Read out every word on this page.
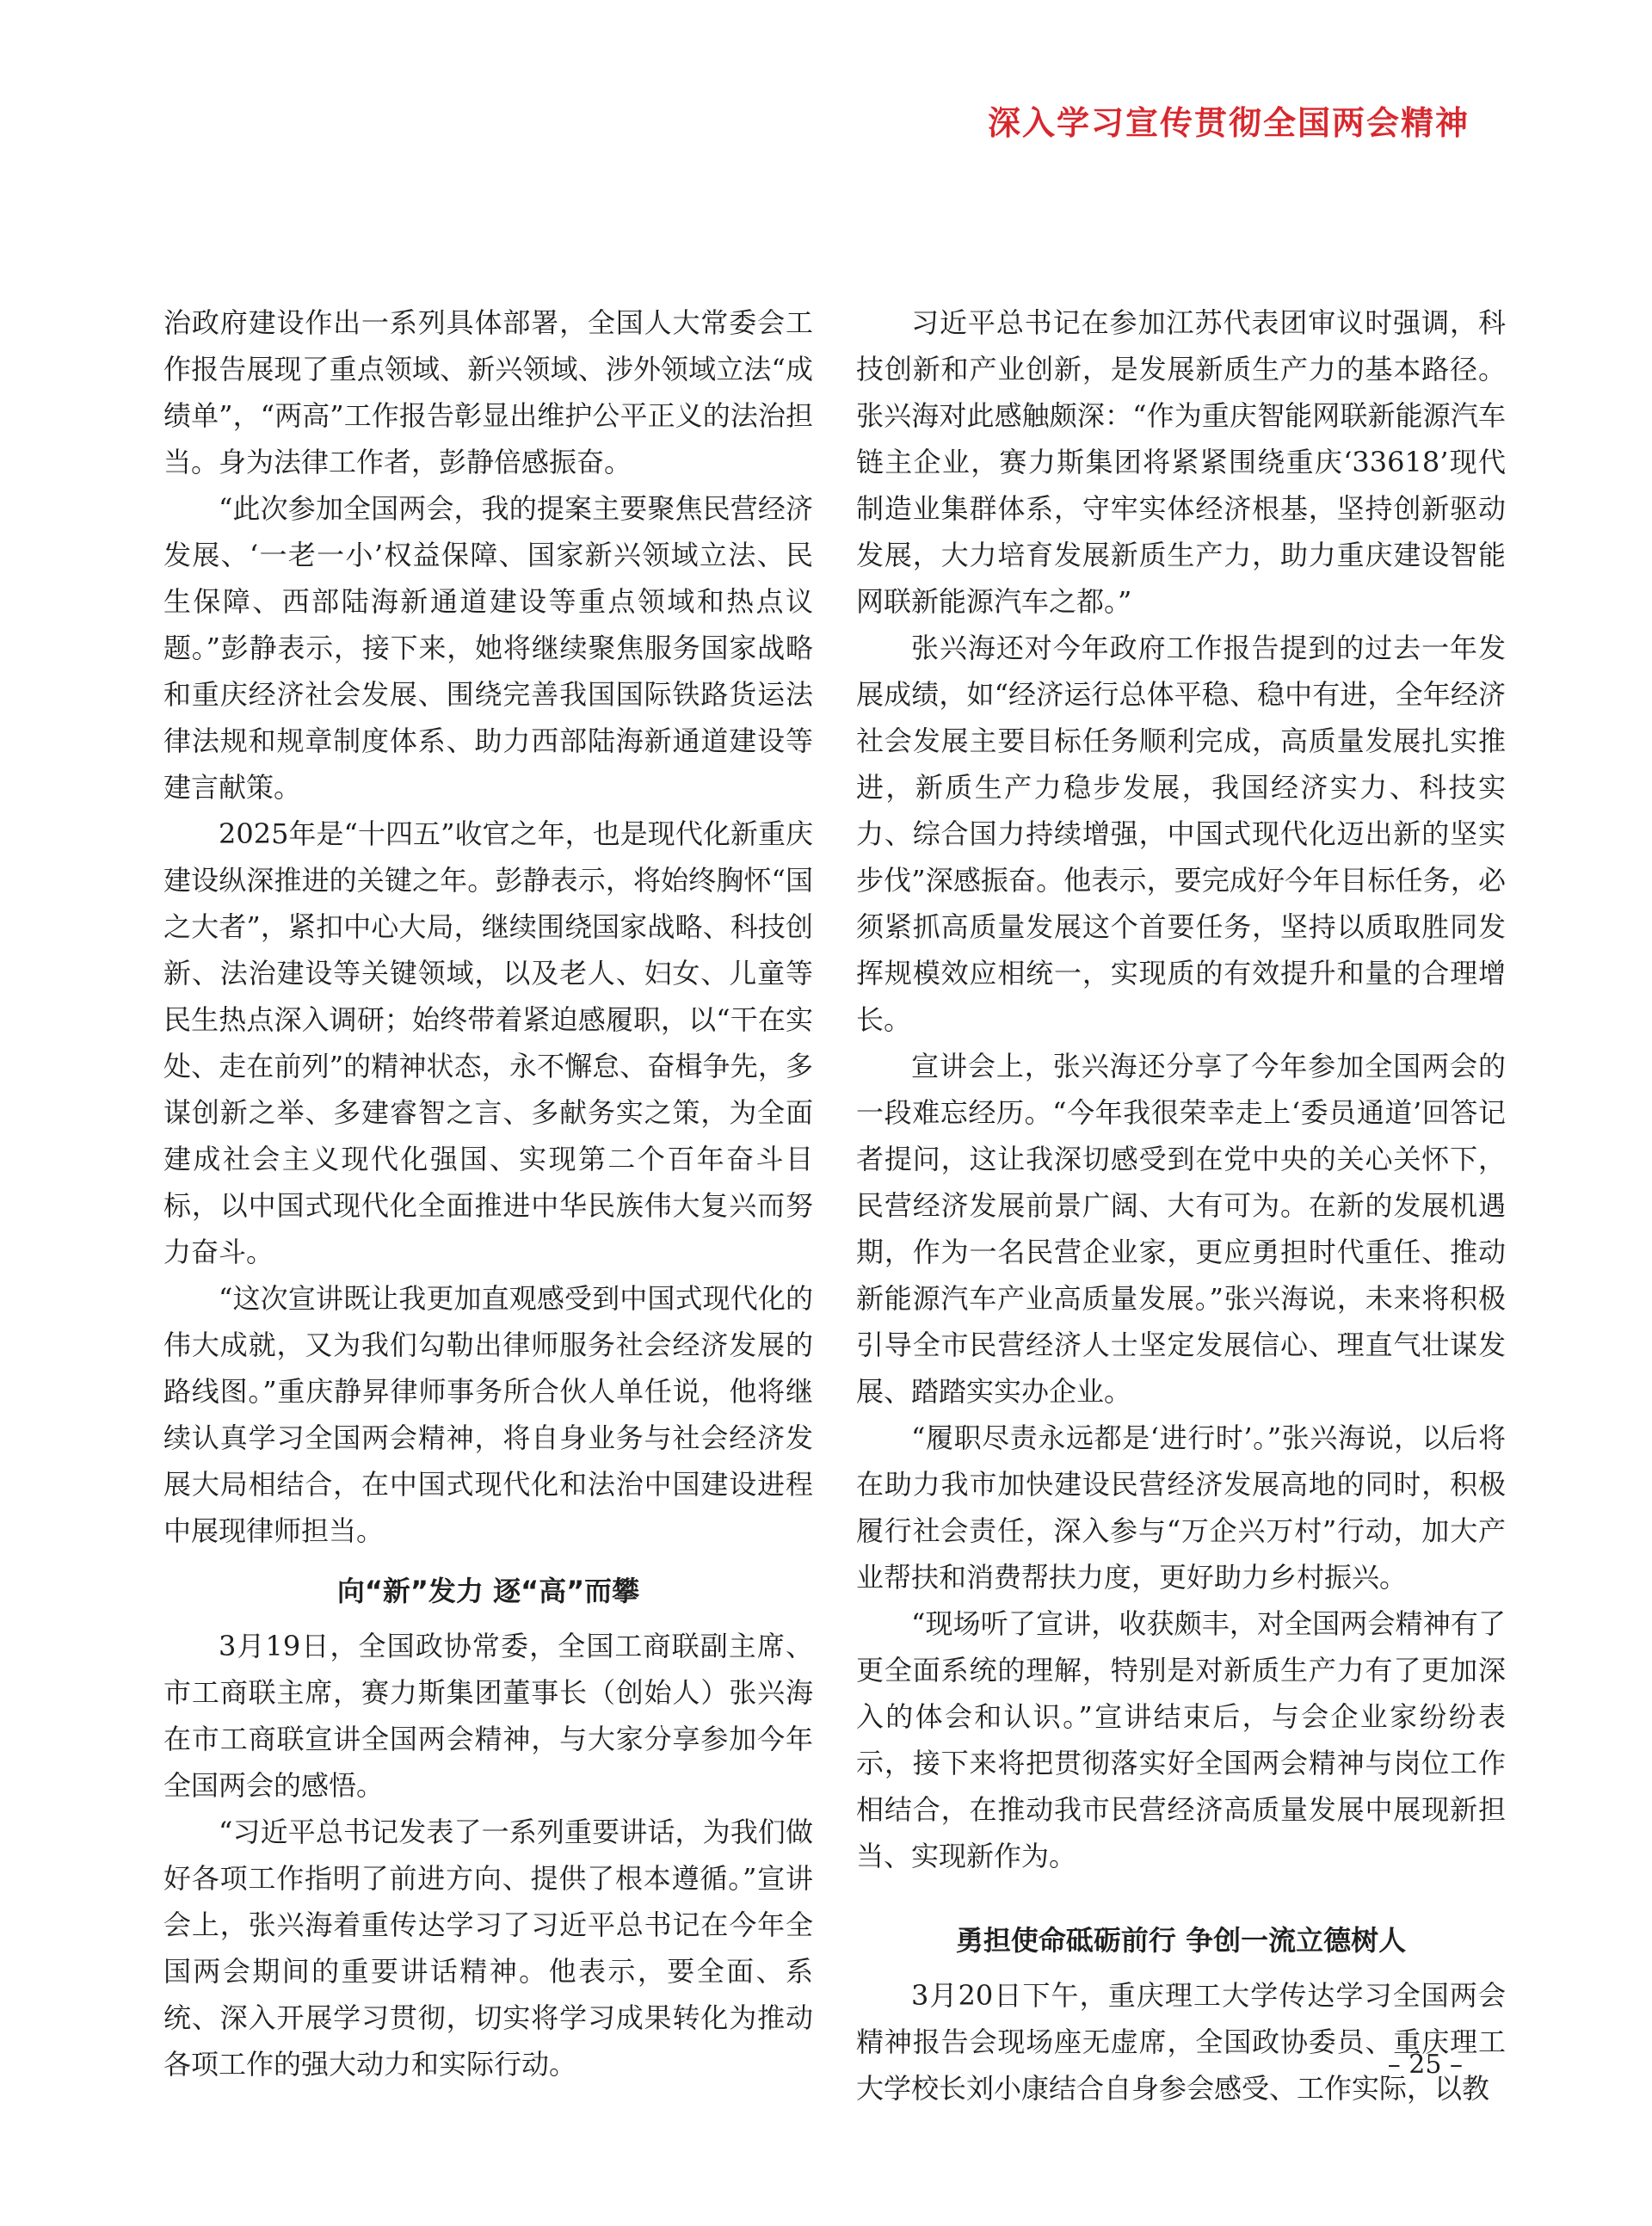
深入学习宣传贯彻全国两会精神

治政府建设作出一系列具体部署，全国人大常委会工作报告展现了重点领域、新兴领域、涉外领域立法“成绩单”，“两高”工作报告彰显出维护公平正义的法治担当。身为法律工作者，彭静倍感振奋。

“此次参加全国两会，我的提案主要聚焦民营经济发展、‘一老一小’权益保障、国家新兴领域立法、民生保障、西部陆海新通道建设等重点领域和热点议题。”彭静表示，接下来，她将继续聚焦服务国家战略和重庆经济社会发展、围绕完善我国国际铁路货运法律法规和规章制度体系、助力西部陆海新通道建设等建言献策。

2025年是“十四五”收官之年，也是现代化新重庆建设纵深推进的关键之年。彭静表示，将始终胸怀“国之大者”，紧扣中心大局，继续围绕国家战略、科技创新、法治建设等关键领域，以及老人、妇女、儿童等民生热点深入调研；始终带着紧迫感履职，以“干在实处、走在前列”的精神状态，永不懈怠、奋楫争先，多谋创新之举、多建睿智之言、多献务实之策，为全面建成社会主义现代化强国、实现第二个百年奋斗目标，以中国式现代化全面推进中华民族伟大复兴而努力奋斗。

“这次宣讲既让我更加直观感受到中国式现代化的伟大成就，又为我们勾勒出律师服务社会经济发展的路线图。”重庆静昇律师事务所合伙人单任说，他将继续认真学习全国两会精神，将自身业务与社会经济发展大局相结合，在中国式现代化和法治中国建设进程中展现律师担当。

向“新”发力 逐“高”而攀

3月19日，全国政协常委，全国工商联副主席、市工商联主席，赛力斯集团董事长（创始人）张兴海在市工商联宣讲全国两会精神，与大家分享参加今年全国两会的感悟。

“习近平总书记发表了一系列重要讲话，为我们做好各项工作指明了前进方向、提供了根本遵循。”宣讲会上，张兴海着重传达学习了习近平总书记在今年全国两会期间的重要讲话精神。他表示，要全面、系统、深入开展学习贯彻，切实将学习成果转化为推动各项工作的强大动力和实际行动。

习近平总书记在参加江苏代表团审议时强调，科技创新和产业创新，是发展新质生产力的基本路径。张兴海对此感触颇深：“作为重庆智能网联新能源汽车链主企业，赛力斯集团将紧紧围绕重庆‘33618’现代制造业集群体系，守牢实体经济根基，坚持创新驱动发展，大力培育发展新质生产力，助力重庆建设智能网联新能源汽车之都。”

张兴海还对今年政府工作报告提到的过去一年发展成绩，如“经济运行总体平稳、稳中有进，全年经济社会发展主要目标任务顺利完成，高质量发展扎实推进，新质生产力稳步发展，我国经济实力、科技实力、综合国力持续增强，中国式现代化迈出新的坚实步伐”深感振奋。他表示，要完成好今年目标任务，必须紧抓高质量发展这个首要任务，坚持以质取胜同发挥规模效应相统一，实现质的有效提升和量的合理增长。

宣讲会上，张兴海还分享了今年参加全国两会的一段难忘经历。“今年我很荣幸走上‘委员通道’回答记者提问，这让我深切感受到在党中央的关心关怀下，民营经济发展前景广阔、大有可为。在新的发展机遇期，作为一名民营企业家，更应勇担时代重任、推动新能源汽车产业高质量发展。”张兴海说，未来将积极引导全市民营经济人士坚定发展信心、理直气壮谋发展、踏踏实实办企业。

“履职尽责永远都是‘进行时’。”张兴海说，以后将在助力我市加快建设民营经济发展高地的同时，积极履行社会责任，深入参与“万企兴万村”行动，加大产业帮扶和消费帮扶力度，更好助力乡村振兴。

“现场听了宣讲，收获颇丰，对全国两会精神有了更全面系统的理解，特别是对新质生产力有了更加深入的体会和认识。”宣讲结束后，与会企业家纷纷表示，接下来将把贯彻落实好全国两会精神与岗位工作相结合，在推动我市民营经济高质量发展中展现新担当、实现新作为。

勇担使命砥砺前行 争创一流立德树人

3月20日下午，重庆理工大学传达学习全国两会精神报告会现场座无虚席，全国政协委员、重庆理工大学校长刘小康结合自身参会感受、工作实际，以教

– 25 –
